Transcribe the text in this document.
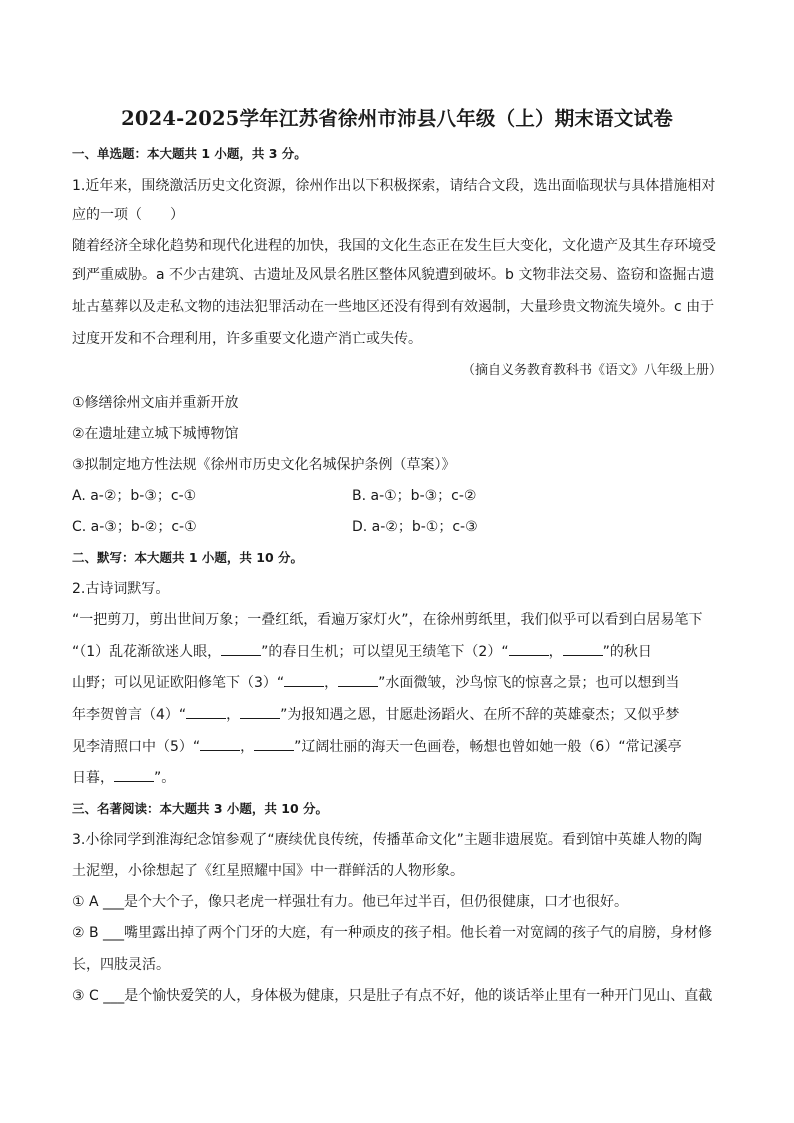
2024-2025学年江苏省徐州市沛县八年级（上）期末语文试卷
一、单选题：本大题共 1 小题，共 3 分。
1.近年来，围绕激活历史文化资源，徐州作出以下积极探索，请结合文段，选出面临现状与具体措施相对
应的一项（　　）
随着经济全球化趋势和现代化进程的加快，我国的文化生态正在发生巨大变化，文化遗产及其生存环境受
到严重威胁。a 不少古建筑、古遗址及风景名胜区整体风貌遭到破坏。b 文物非法交易、盗窃和盗掘古遗
址古墓葬以及走私文物的违法犯罪活动在一些地区还没有得到有效遏制，大量珍贵文物流失境外。c 由于
过度开发和不合理利用，许多重要文化遗产消亡或失传。
（摘自义务教育教科书《语文》八年级上册）
①修缮徐州文庙并重新开放
②在遗址建立城下城博物馆
③拟制定地方性法规《徐州市历史文化名城保护条例（草案）》
A. a-②；b-③；c-①	B. a-①；b-③；c-②
C. a-③；b-②；c-①	D. a-②；b-①；c-③
二、默写：本大题共 1 小题，共 10 分。
2.古诗词默写。
“一把剪刀，剪出世间万象；一叠红纸，看遍万家灯火”，在徐州剪纸里，我们似乎可以看到白居易笔下
“（1）乱花渐欲迷人眼，	”的春日生机；可以望见王绩笔下（2）“	，	”的秋日
山野；可以见证欧阳修笔下（3）“	，	”水面微皱，沙鸟惊飞的惊喜之景；也可以想到当
年李贺曾言（4）“	，	”为报知遇之恩，甘愿赴汤蹈火、在所不辞的英雄豪杰；又似乎梦
见李清照口中（5）“	，	”辽阔壮丽的海天一色画卷，畅想也曾如她一般（6）“常记溪亭
日暮，	”。
三、名著阅读：本大题共 3 小题，共 10 分。
3.小徐同学到淮海纪念馆参观了“赓续优良传统，传播革命文化”主题非遗展览。看到馆中英雄人物的陶
土泥塑，小徐想起了《红星照耀中国》中一群鲜活的人物形象。
① A ___是个大个子，像只老虎一样强壮有力。他已年过半百，但仍很健康，口才也很好。
② B ___嘴里露出掉了两个门牙的大庭，有一种顽皮的孩子相。他长着一对宽阔的孩子气的肩膀，身材修
长，四肢灵活。
③ C ___是个愉快爱笑的人，身体极为健康，只是肚子有点不好，他的谈话举止里有一种开门见山、直截
